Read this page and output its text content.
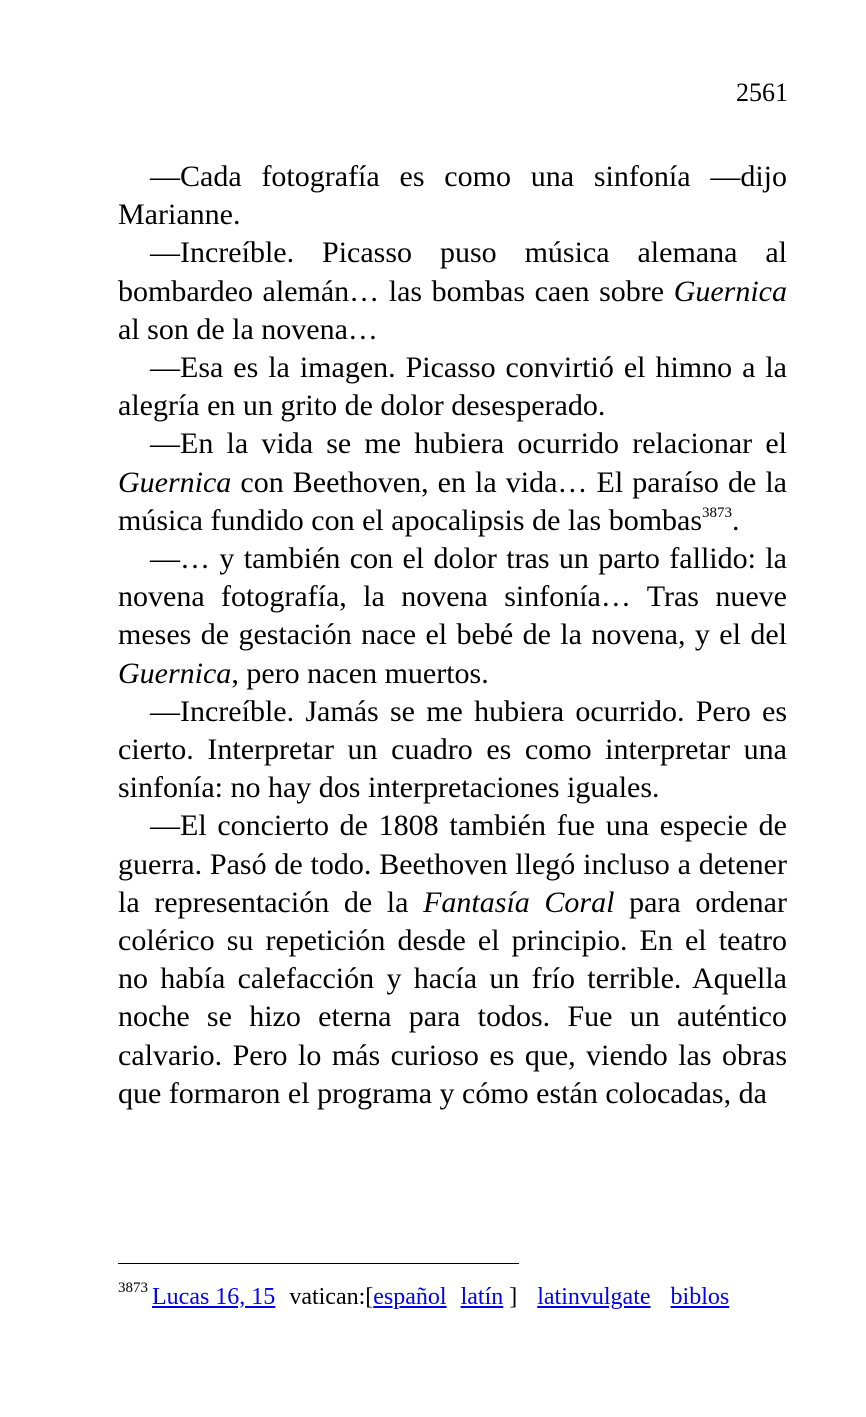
2561

—Cada fotografía es como una sinfonía —dijo Marianne.

—Increíble. Picasso puso música alemana al bombardeo alemán… las bombas caen sobre Guernica al son de la novena…

—Esa es la imagen. Picasso convirtió el himno a la alegría en un grito de dolor desesperado.

—En la vida se me hubiera ocurrido relacionar el Guernica con Beethoven, en la vida… El paraíso de la música fundido con el apocalipsis de las bombas$^{3873}$.

—… y también con el dolor tras un parto fallido: la novena fotografía, la novena sinfonía… Tras nueve meses de gestación nace el bebé de la novena, y el del Guernica, pero nacen muertos.

—Increíble. Jamás se me hubiera ocurrido. Pero es cierto. Interpretar un cuadro es como interpretar una sinfonía: no hay dos interpretaciones iguales.

—El concierto de 1808 también fue una especie de guerra. Pasó de todo. Beethoven llegó incluso a detener la representación de la Fantasía Coral para ordenar colérico su repetición desde el principio. En el teatro no había calefacción y hacía un frío terrible. Aquella noche se hizo eterna para todos. Fue un auténtico calvario. Pero lo más curioso es que, viendo las obras que formaron el programa y cómo están colocadas, da

$^{3873}$ Lucas 16, 15 vatican:[español latín ] latinvulgate biblos
